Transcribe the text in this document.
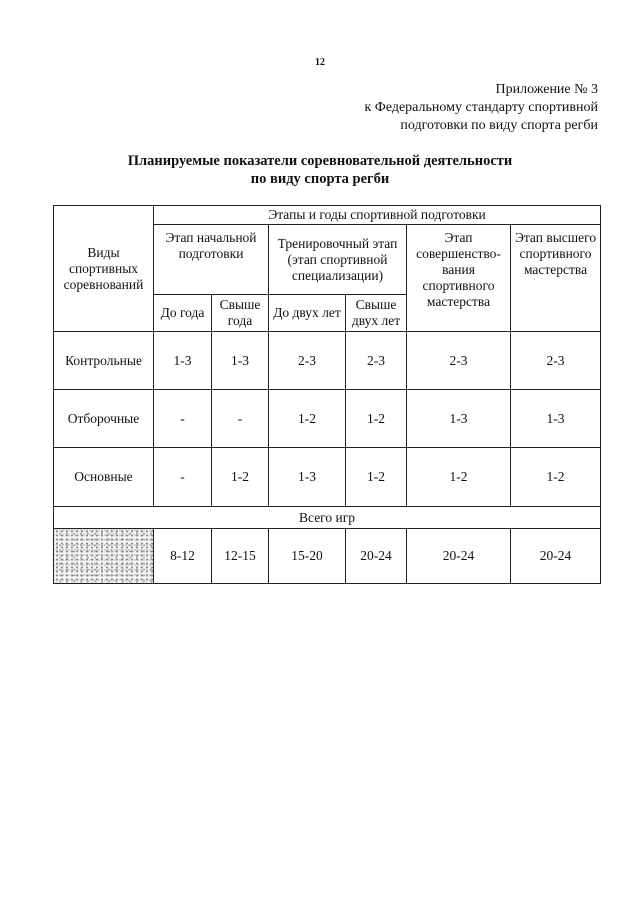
12
Приложение № 3
к Федеральному стандарту спортивной
подготовки по виду спорта регби
Планируемые показатели соревновательной деятельности
по виду спорта регби
Виды спортивных соревнований	Этапы и годы спортивной подготовки					
	Этап начальной подготовки		Тренировочный этап (этап спортивной специализации)		Этап совершенство-вания спортивного мастерства	Этап высшего спортивного мастерства
	До года	Свыше года	До двух лет	Свыше двух лет		
Контрольные	1-3	1-3	2-3	2-3	2-3	2-3
Отборочные	-	-	1-2	1-2	1-3	1-3
Основные	-	1-2	1-3	1-2	1-2	1-2
Всего игр						
	8-12	12-15	15-20	20-24	20-24	20-24
